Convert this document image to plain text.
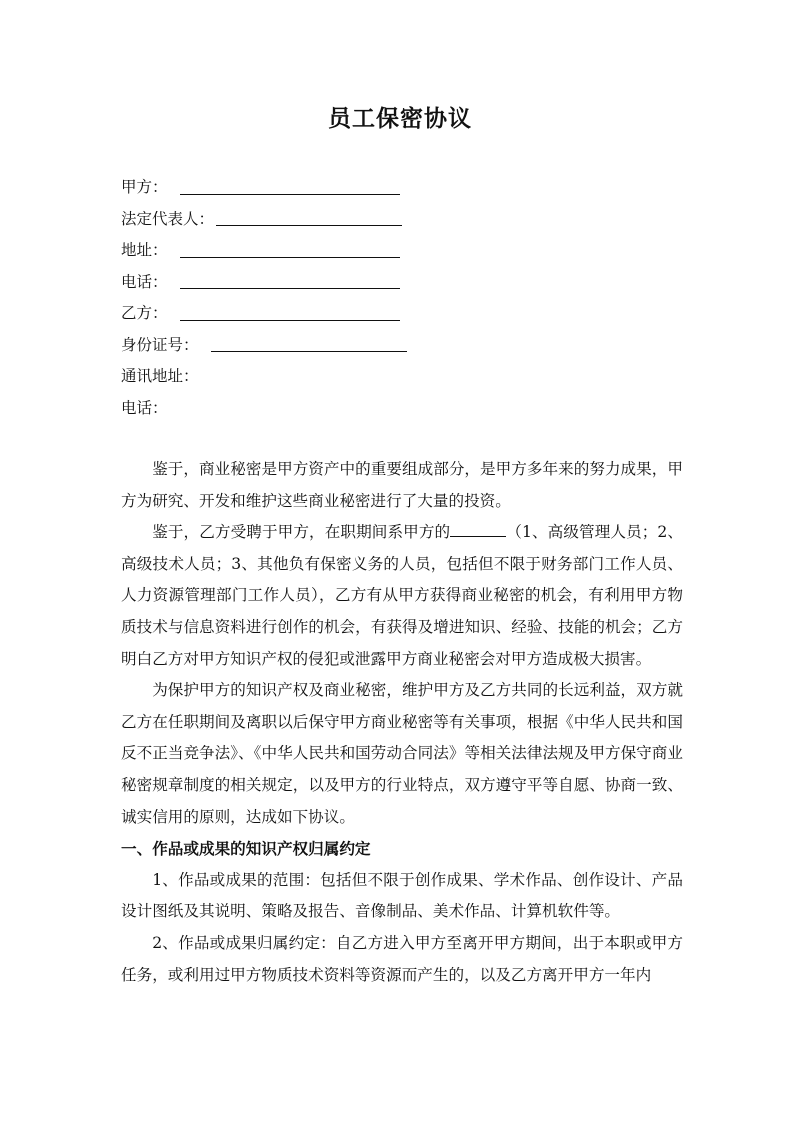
员工保密协议
甲方：
法定代表人：
地址：
电话：
乙方：
身份证号：
通讯地址：
电话：

鉴于，商业秘密是甲方资产中的重要组成部分，是甲方多年来的努力成果，甲方为研究、开发和维护这些商业秘密进行了大量的投资。

鉴于，乙方受聘于甲方，在职期间系甲方的	（1、高级管理人员；2、高级技术人员；3、其他负有保密义务的人员，包括但不限于财务部门工作人员、人力资源管理部门工作人员），乙方有从甲方获得商业秘密的机会，有利用甲方物质技术与信息资料进行创作的机会，有获得及增进知识、经验、技能的机会；乙方明白乙方对甲方知识产权的侵犯或泄露甲方商业秘密会对甲方造成极大损害。

为保护甲方的知识产权及商业秘密，维护甲方及乙方共同的长远利益，双方就乙方在任职期间及离职以后保守甲方商业秘密等有关事项，根据《中华人民共和国反不正当竞争法》、《中华人民共和国劳动合同法》等相关法律法规及甲方保守商业秘密规章制度的相关规定，以及甲方的行业特点，双方遵守平等自愿、协商一致、诚实信用的原则，达成如下协议。

一、作品或成果的知识产权归属约定

1、作品或成果的范围：包括但不限于创作成果、学术作品、创作设计、产品设计图纸及其说明、策略及报告、音像制品、美术作品、计算机软件等。

2、作品或成果归属约定：自乙方进入甲方至离开甲方期间，出于本职或甲方任务，或利用过甲方物质技术资料等资源而产生的，以及乙方离开甲方一年内
